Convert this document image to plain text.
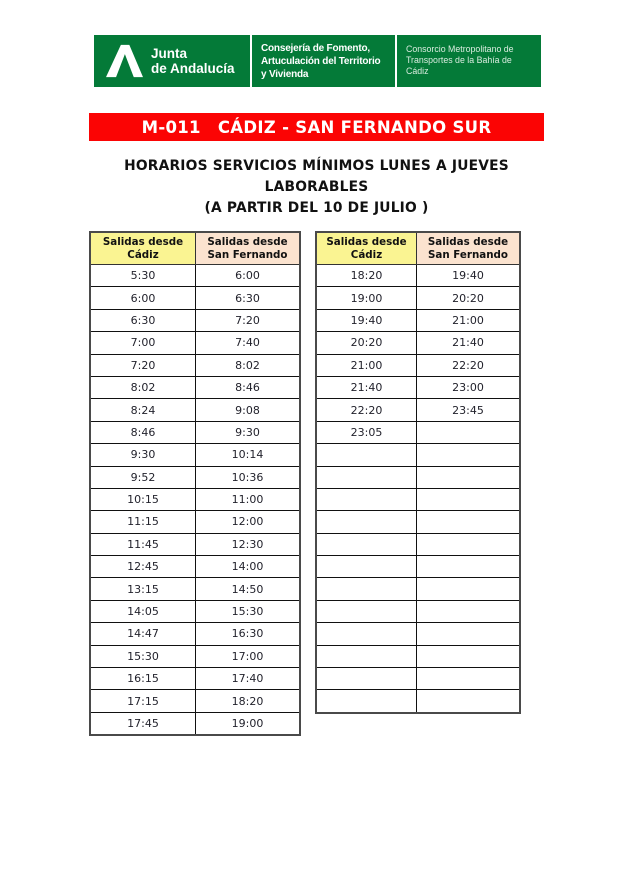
Junta
de Andalucía
Consejería de Fomento,
Artuculación del Territorio
y Vivienda
Consorcio Metropolitano de
Transportes de la Bahía de
Cádiz
M-011 CÁDIZ - SAN FERNANDO SUR
HORARIOS SERVICIOS MÍNIMOS LUNES A JUEVES
LABORABLES
(A PARTIR DEL 10 DE JULIO )
Salidas desde
Cádiz	Salidas desde
San Fernando

5:30	6:00
6:00	6:30
6:30	7:20
7:00	7:40
7:20	8:02
8:02	8:46
8:24	9:08
8:46	9:30
9:30	10:14
9:52	10:36
10:15	11:00
11:15	12:00
11:45	12:30
12:45	14:00
13:15	14:50
14:05	15:30
14:47	16:30
15:30	17:00
16:15	17:40
17:15	18:20
17:45	19:00
Salidas desde
Cádiz	Salidas desde
San Fernando

18:20	19:40
19:00	20:20
19:40	21:00
20:20	21:40
21:00	22:20
21:40	23:00
22:20	23:45
23:05	
